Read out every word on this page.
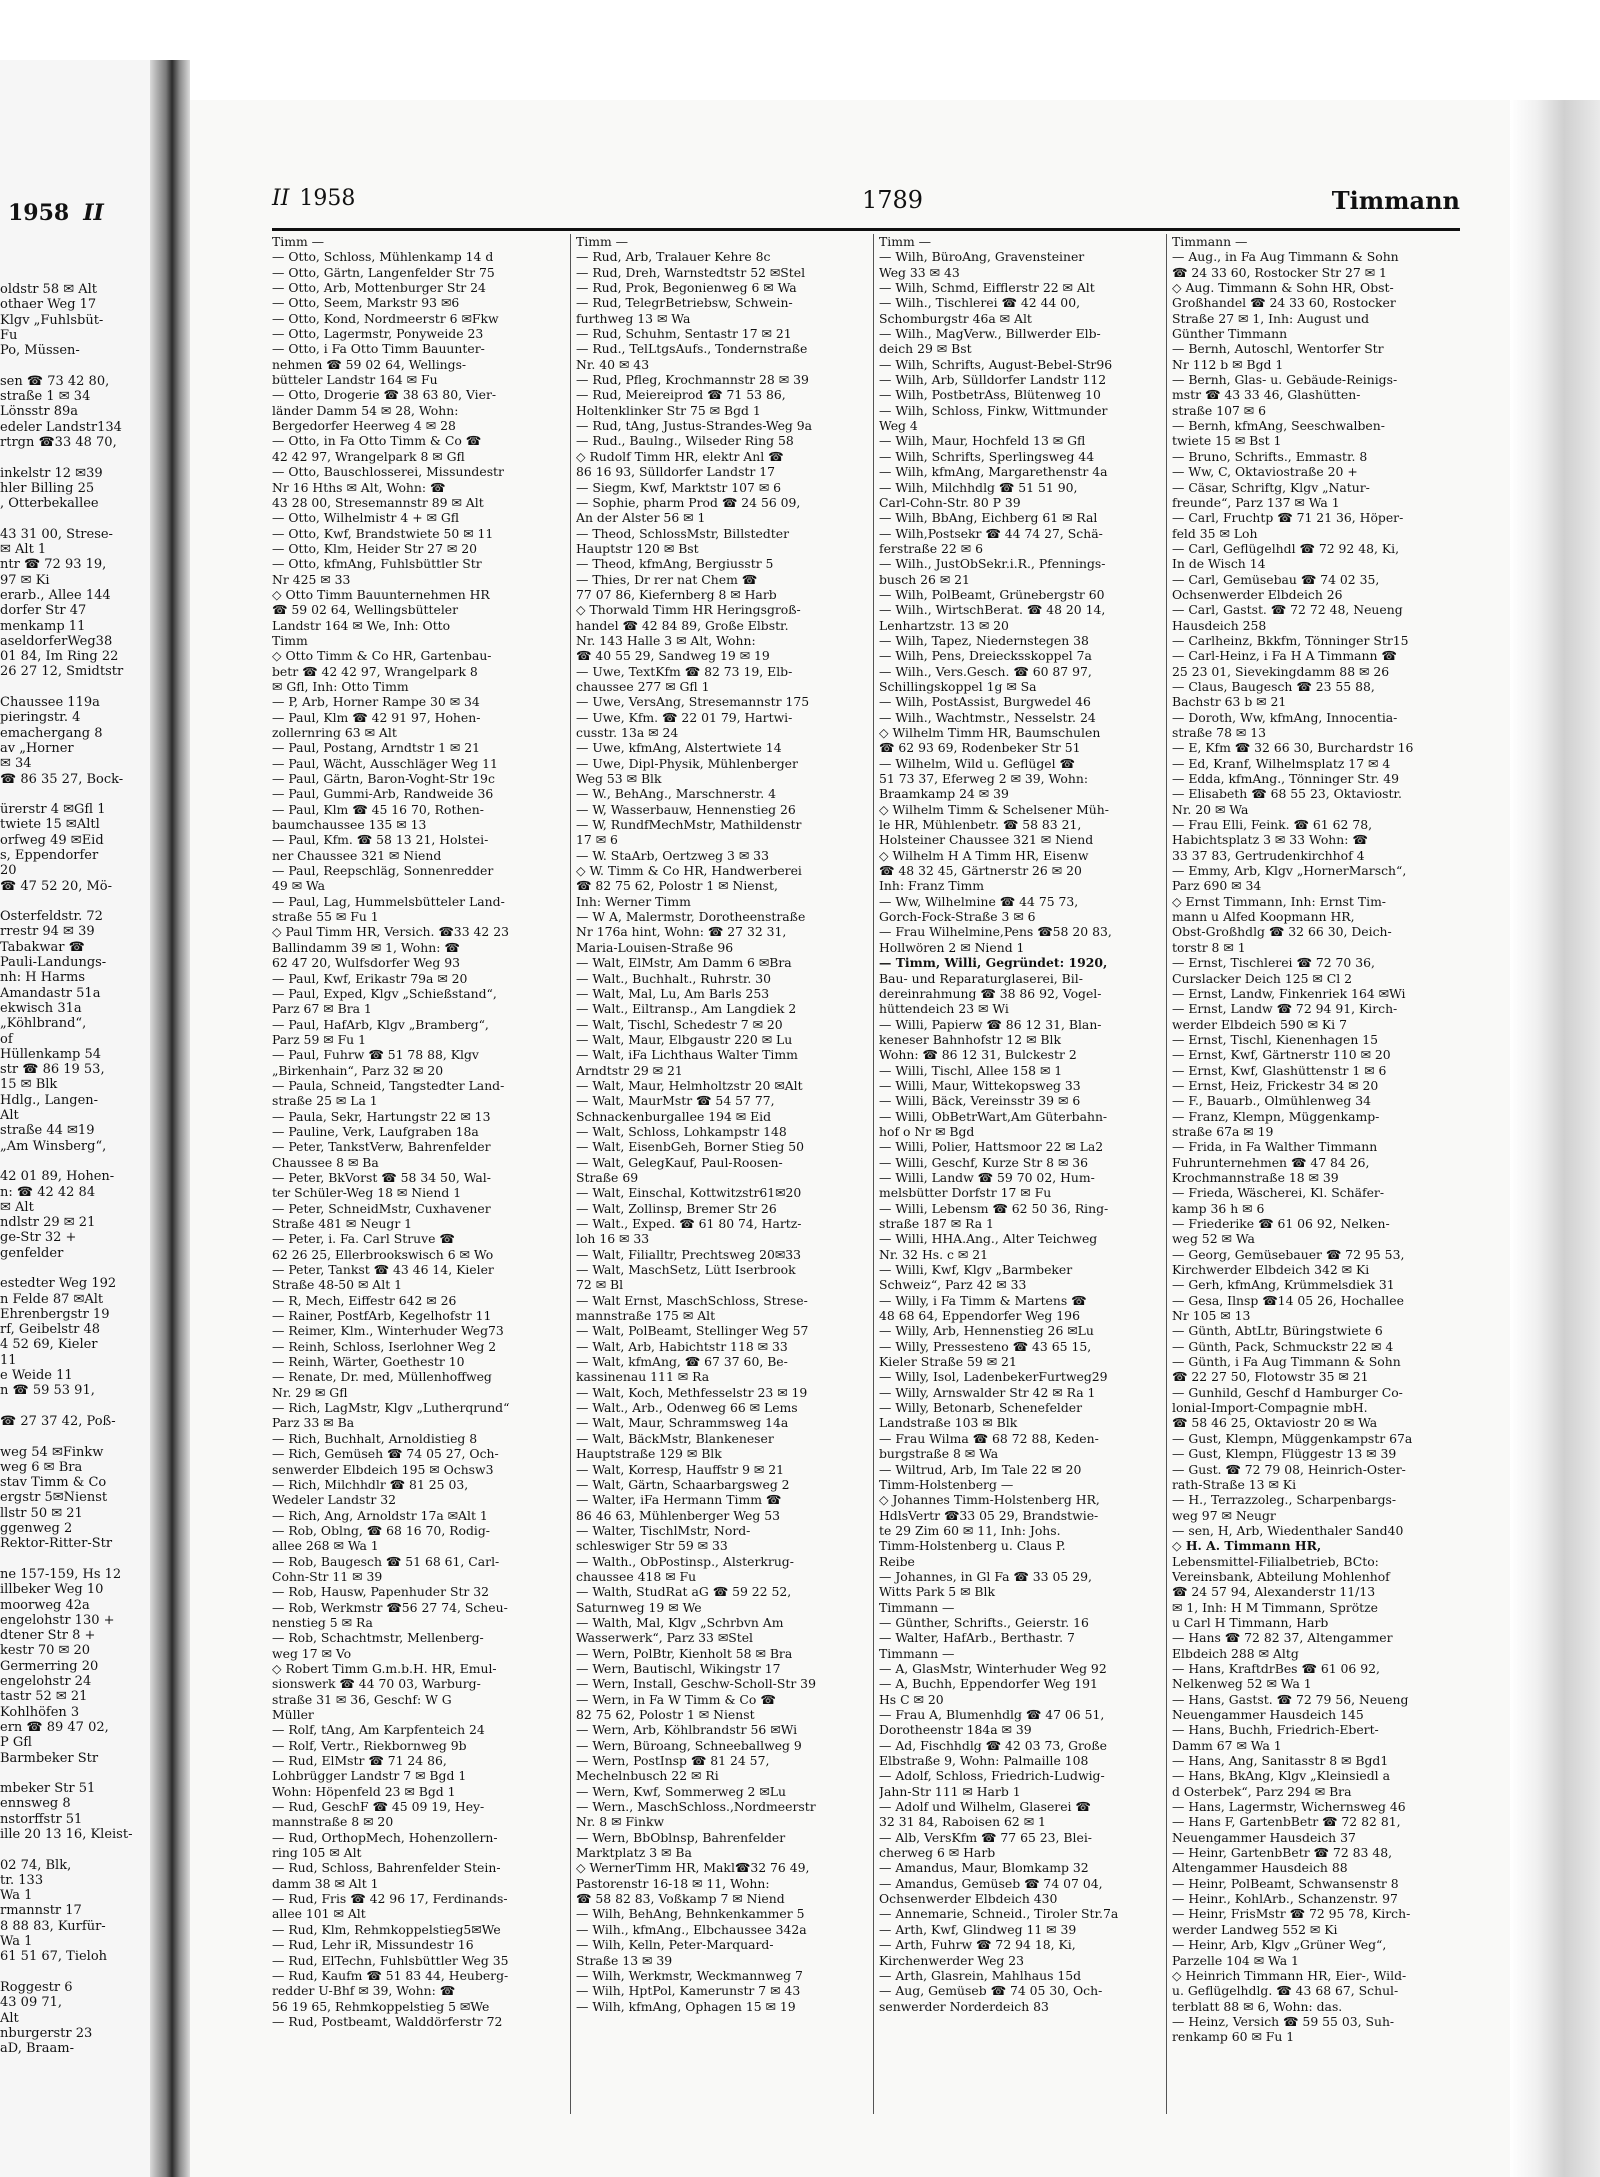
1958 II
oldstr 58 ✉ Alt
othaer Weg 17
Klgv „Fuhlsbüt-
Fu
Po, Müssen-

sen ☎ 73 42 80,
straße 1 ✉ 34
Lönsstr 89a
edeler Landstr134
rtrgn ☎33 48 70,

inkelstr 12 ✉39
hler Billing 25
, Otterbekallee

43 31 00, Strese-
✉ Alt 1
ntr ☎ 72 93 19,
97 ✉ Ki
erarb., Allee 144
dorfer Str 47
menkamp 11
aseldorferWeg38
01 84, Im Ring 22
26 27 12, Smidtstr

Chaussee 119a
pieringstr. 4
emachergang 8
av „Horner
✉ 34
☎ 86 35 27, Bock-

ürerstr 4 ✉Gfl 1
twiete 15 ✉Altl
orfweg 49 ✉Eid
s, Eppendorfer
20
☎ 47 52 20, Mö-

Osterfeldstr. 72
rrestr 94 ✉ 39
Tabakwar ☎
Pauli-Landungs-
nh: H Harms
Amandastr 51a
ekwisch 31a
„Köhlbrand“,
of
Hüllenkamp 54
str ☎ 86 19 53,
15 ✉ Blk
Hdlg., Langen-
Alt
straße 44 ✉19
„Am Winsberg“,

42 01 89, Hohen-
n: ☎ 42 42 84
✉ Alt
ndlstr 29 ✉ 21
ge-Str 32 +
genfelder

estedter Weg 192
n Felde 87 ✉Alt
Ehrenbergstr 19
rf, Geibelstr 48
4 52 69, Kieler
11
e Weide 11
n ☎ 59 53 91,

☎ 27 37 42, Poß-

weg 54 ✉Finkw
weg 6 ✉ Bra
stav Timm & Co
ergstr 5✉Nienst
llstr 50 ✉ 21
ggenweg 2
Rektor-Ritter-Str

ne 157-159, Hs 12
illbeker Weg 10
moorweg 42a
engelohstr 130 +
dtener Str 8 +
kestr 70 ✉ 20
Germerring 20
engelohstr 24
tastr 52 ✉ 21
Kohlhöfen 3
ern ☎ 89 47 02,
P Gfl
Barmbeker Str

mbeker Str 51
ennsweg 8
nstorffstr 51
ille 20 13 16, Kleist-

02 74, Blk,
tr. 133
Wa 1
rmannstr 17
8 88 83, Kurfür-
Wa 1
61 51 67, Tieloh

Roggestr 6
43 09 71,
Alt
nburgerstr 23
aD, Braam-
II 1958	1789	Timmann
Timm —
— Otto, Schloss, Mühlenkamp 14 d
— Otto, Gärtn, Langenfelder Str 75
— Otto, Arb, Mottenburger Str 24
— Otto, Seem, Markstr 93 ✉6
— Otto, Kond, Nordmeerstr 6 ✉Fkw
— Otto, Lagermstr, Ponyweide 23
— Otto, i Fa Otto Timm Bauunter-
nehmen ☎ 59 02 64, Wellings-
bütteler Landstr 164 ✉ Fu
— Otto, Drogerie ☎ 38 63 80, Vier-
länder Damm 54 ✉ 28, Wohn:
Bergedorfer Heerweg 4 ✉ 28
— Otto, in Fa Otto Timm & Co ☎
42 42 97, Wrangelpark 8 ✉ Gfl
— Otto, Bauschlosserei, Missundestr
Nr 16 Hths ✉ Alt, Wohn: ☎
43 28 00, Stresemannstr 89 ✉ Alt
— Otto, Wilhelmistr 4 + ✉ Gfl
— Otto, Kwf, Brandstwiete 50 ✉ 11
— Otto, Klm, Heider Str 27 ✉ 20
— Otto, kfmAng, Fuhlsbüttler Str
Nr 425 ✉ 33
◇ Otto Timm Bauunternehmen HR
☎ 59 02 64, Wellingsbütteler
Landstr 164 ✉ We, Inh: Otto
Timm
◇ Otto Timm & Co HR, Gartenbau-
betr ☎ 42 42 97, Wrangelpark 8
✉ Gfl, Inh: Otto Timm
— P, Arb, Horner Rampe 30 ✉ 34
— Paul, Klm ☎ 42 91 97, Hohen-
zollernring 63 ✉ Alt
— Paul, Postang, Arndtstr 1 ✉ 21
— Paul, Wächt, Ausschläger Weg 11
— Paul, Gärtn, Baron-Voght-Str 19c
— Paul, Gummi-Arb, Randweide 36
— Paul, Klm ☎ 45 16 70, Rothen-
baumchaussee 135 ✉ 13
— Paul, Kfm. ☎ 58 13 21, Holstei-
ner Chaussee 321 ✉ Niend
— Paul, Reepschläg, Sonnenredder
49 ✉ Wa
— Paul, Lag, Hummelsbütteler Land-
straße 55 ✉ Fu 1
◇ Paul Timm HR, Versich. ☎33 42 23
Ballindamm 39 ✉ 1, Wohn: ☎
62 47 20, Wulfsdorfer Weg 93
— Paul, Kwf, Erikastr 79a ✉ 20
— Paul, Exped, Klgv „Schießstand“,
Parz 67 ✉ Bra 1
— Paul, HafArb, Klgv „Bramberg“,
Parz 59 ✉ Fu 1
— Paul, Fuhrw ☎ 51 78 88, Klgv
„Birkenhain“, Parz 32 ✉ 20
— Paula, Schneid, Tangstedter Land-
straße 25 ✉ La 1
— Paula, Sekr, Hartungstr 22 ✉ 13
— Pauline, Verk, Laufgraben 18a
— Peter, TankstVerw, Bahrenfelder
Chaussee 8 ✉ Ba
— Peter, BkVorst ☎ 58 34 50, Wal-
ter Schüler-Weg 18 ✉ Niend 1
— Peter, SchneidMstr, Cuxhavener
Straße 481 ✉ Neugr 1
— Peter, i. Fa. Carl Struve ☎
62 26 25, Ellerbrookswisch 6 ✉ Wo
— Peter, Tankst ☎ 43 46 14, Kieler
Straße 48-50 ✉ Alt 1
— R, Mech, Eiffestr 642 ✉ 26
— Rainer, PostfArb, Kegelhofstr 11
— Reimer, Klm., Winterhuder Weg73
— Reinh, Schloss, Iserlohner Weg 2
— Reinh, Wärter, Goethestr 10
— Renate, Dr. med, Müllenhoffweg
Nr. 29 ✉ Gfl
— Rich, LagMstr, Klgv „Lutherqrund“
Parz 33 ✉ Ba
— Rich, Buchhalt, Arnoldistieg 8
— Rich, Gemüseh ☎ 74 05 27, Och-
senwerder Elbdeich 195 ✉ Ochsw3
— Rich, Milchhdlr ☎ 81 25 03,
Wedeler Landstr 32
— Rich, Ang, Arnoldstr 17a ✉Alt 1
— Rob, Oblng, ☎ 68 16 70, Rodig-
allee 268 ✉ Wa 1
— Rob, Baugesch ☎ 51 68 61, Carl-
Cohn-Str 11 ✉ 39
— Rob, Hausw, Papenhuder Str 32
— Rob, Werkmstr ☎56 27 74, Scheu-
nenstieg 5 ✉ Ra
— Rob, Schachtmstr, Mellenberg-
weg 17 ✉ Vo
◇ Robert Timm G.m.b.H. HR, Emul-
sionswerk ☎ 44 70 03, Warburg-
straße 31 ✉ 36, Geschf: W G
Müller
— Rolf, tAng, Am Karpfenteich 24
— Rolf, Vertr., Riekbornweg 9b
— Rud, ElMstr ☎ 71 24 86,
Lohbrügger Landstr 7 ✉ Bgd 1
Wohn: Höpenfeld 23 ✉ Bgd 1
— Rud, GeschF ☎ 45 09 19, Hey-
mannstraße 8 ✉ 20
— Rud, OrthopMech, Hohenzollern-
ring 105 ✉ Alt
— Rud, Schloss, Bahrenfelder Stein-
damm 38 ✉ Alt 1
— Rud, Fris ☎ 42 96 17, Ferdinands-
allee 101 ✉ Alt
— Rud, Klm, Rehmkoppelstieg5✉We
— Rud, Lehr iR, Missundestr 16
— Rud, ElTechn, Fuhlsbüttler Weg 35
— Rud, Kaufm ☎ 51 83 44, Heuberg-
redder U-Bhf ✉ 39, Wohn: ☎
56 19 65, Rehmkoppelstieg 5 ✉We
— Rud, Postbeamt, Walddörferstr 72
Timm —
— Rud, Arb, Tralauer Kehre 8c
— Rud, Dreh, Warnstedtstr 52 ✉Stel
— Rud, Prok, Begonienweg 6 ✉ Wa
— Rud, TelegrBetriebsw, Schwein-
furthweg 13 ✉ Wa
— Rud, Schuhm, Sentastr 17 ✉ 21
— Rud., TelLtgsAufs., Tondernstraße
Nr. 40 ✉ 43
— Rud, Pfleg, Krochmannstr 28 ✉ 39
— Rud, Meiereiprod ☎ 71 53 86,
Holtenklinker Str 75 ✉ Bgd 1
— Rud, tAng, Justus-Strandes-Weg 9a
— Rud., Baulng., Wilseder Ring 58
◇ Rudolf Timm HR, elektr Anl ☎
86 16 93, Sülldorfer Landstr 17
— Siegm, Kwf, Marktstr 107 ✉ 6
— Sophie, pharm Prod ☎ 24 56 09,
An der Alster 56 ✉ 1
— Theod, SchlossMstr, Billstedter
Hauptstr 120 ✉ Bst
— Theod, kfmAng, Bergiusstr 5
— Thies, Dr rer nat Chem ☎
77 07 86, Kiefernberg 8 ✉ Harb
◇ Thorwald Timm HR Heringsgroß-
handel ☎ 42 84 89, Große Elbstr.
Nr. 143 Halle 3 ✉ Alt, Wohn:
☎ 40 55 29, Sandweg 19 ✉ 19
— Uwe, TextKfm ☎ 82 73 19, Elb-
chaussee 277 ✉ Gfl 1
— Uwe, VersAng, Stresemannstr 175
— Uwe, Kfm. ☎ 22 01 79, Hartwi-
cusstr. 13a ✉ 24
— Uwe, kfmAng, Alstertwiete 14
— Uwe, Dipl-Physik, Mühlenberger
Weg 53 ✉ Blk
— W., BehAng., Marschnerstr. 4
— W, Wasserbauw, Hennenstieg 26
— W, RundfMechMstr, Mathildenstr
17 ✉ 6
— W. StaArb, Oertzweg 3 ✉ 33
◇ W. Timm & Co HR, Handwerberei
☎ 82 75 62, Polostr 1 ✉ Nienst,
Inh: Werner Timm
— W A, Malermstr, Dorotheenstraße
Nr 176a hint, Wohn: ☎ 27 32 31,
Maria-Louisen-Straße 96
— Walt, ElMstr, Am Damm 6 ✉Bra
— Walt., Buchhalt., Ruhrstr. 30
— Walt, Mal, Lu, Am Barls 253
— Walt., Eiltransp., Am Langdiek 2
— Walt, Tischl, Schedestr 7 ✉ 20
— Walt, Maur, Elbgaustr 220 ✉ Lu
— Walt, iFa Lichthaus Walter Timm
Arndtstr 29 ✉ 21
— Walt, Maur, Helmholtzstr 20 ✉Alt
— Walt, MaurMstr ☎ 54 57 77,
Schnackenburgallee 194 ✉ Eid
— Walt, Schloss, Lohkampstr 148
— Walt, EisenbGeh, Borner Stieg 50
— Walt, GelegKauf, Paul-Roosen-
Straße 69
— Walt, Einschal, Kottwitzstr61✉20
— Walt, Zollinsp, Bremer Str 26
— Walt., Exped. ☎ 61 80 74, Hartz-
loh 16 ✉ 33
— Walt, Filialltr, Prechtsweg 20✉33
— Walt, MaschSetz, Lütt Iserbrook
72 ✉ Bl
— Walt Ernst, MaschSchloss, Strese-
mannstraße 175 ✉ Alt
— Walt, PolBeamt, Stellinger Weg 57
— Walt, Arb, Habichtstr 118 ✉ 33
— Walt, kfmAng, ☎ 67 37 60, Be-
kassinenau 111 ✉ Ra
— Walt, Koch, Methfesselstr 23 ✉ 19
— Walt., Arb., Odenweg 66 ✉ Lems
— Walt, Maur, Schrammsweg 14a
— Walt, BäckMstr, Blankeneser
Hauptstraße 129 ✉ Blk
— Walt, Korresp, Hauffstr 9 ✉ 21
— Walt, Gärtn, Schaarbargsweg 2
— Walter, iFa Hermann Timm ☎
86 46 63, Mühlenberger Weg 53
— Walter, TischlMstr, Nord-
schleswiger Str 59 ✉ 33
— Walth., ObPostinsp., Alsterkrug-
chaussee 418 ✉ Fu
— Walth, StudRat aG ☎ 59 22 52,
Saturnweg 19 ✉ We
— Walth, Mal, Klgv „Schrbvn Am
Wasserwerk“, Parz 33 ✉Stel
— Wern, PolBtr, Kienholt 58 ✉ Bra
— Wern, Bautischl, Wikingstr 17
— Wern, Install, Geschw-Scholl-Str 39
— Wern, in Fa W Timm & Co ☎
82 75 62, Polostr 1 ✉ Nienst
— Wern, Arb, Köhlbrandstr 56 ✉Wi
— Wern, Büroang, Schneeballweg 9
— Wern, PostInsp ☎ 81 24 57,
Mechelnbusch 22 ✉ Ri
— Wern, Kwf, Sommerweg 2 ✉Lu
— Wern., MaschSchloss.,Nordmeerstr
Nr. 8 ✉ Finkw
— Wern, BbOblnsp, Bahrenfelder
Marktplatz 3 ✉ Ba
◇ WernerTimm HR, Makl☎32 76 49,
Pastorenstr 16-18 ✉ 11, Wohn:
☎ 58 82 83, Voßkamp 7 ✉ Niend
— Wilh, BehAng, Behnkenkammer 5
— Wilh., kfmAng., Elbchaussee 342a
— Wilh, Kelln, Peter-Marquard-
Straße 13 ✉ 39
— Wilh, Werkmstr, Weckmannweg 7
— Wilh, HptPol, Kamerunstr 7 ✉ 43
— Wilh, kfmAng, Ophagen 15 ✉ 19
Timm —
— Wilh, BüroAng, Gravensteiner
Weg 33 ✉ 43
— Wilh, Schmd, Eifflerstr 22 ✉ Alt
— Wilh., Tischlerei ☎ 42 44 00,
Schomburgstr 46a ✉ Alt
— Wilh., MagVerw., Billwerder Elb-
deich 29 ✉ Bst
— Wilh, Schrifts, August-Bebel-Str96
— Wilh, Arb, Sülldorfer Landstr 112
— Wilh, PostbetrAss, Blütenweg 10
— Wilh, Schloss, Finkw, Wittmunder
Weg 4
— Wilh, Maur, Hochfeld 13 ✉ Gfl
— Wilh, Schrifts, Sperlingsweg 44
— Wilh, kfmAng, Margarethenstr 4a
— Wilh, Milchhdlg ☎ 51 51 90,
Carl-Cohn-Str. 80 P 39
— Wilh, BbAng, Eichberg 61 ✉ Ral
— Wilh,Postsekr ☎ 44 74 27, Schä-
ferstraße 22 ✉ 6
— Wilh., JustObSekr.i.R., Pfennings-
busch 26 ✉ 21
— Wilh, PolBeamt, Grünebergstr 60
— Wilh., WirtschBerat. ☎ 48 20 14,
Lenhartzstr. 13 ✉ 20
— Wilh, Tapez, Niedernstegen 38
— Wilh, Pens, Dreiecksskoppel 7a
— Wilh., Vers.Gesch. ☎ 60 87 97,
Schillingskoppel 1g ✉ Sa
— Wilh, PostAssist, Burgwedel 46
— Wilh., Wachtmstr., Nesselstr. 24
◇ Wilhelm Timm HR, Baumschulen
☎ 62 93 69, Rodenbeker Str 51
— Wilhelm, Wild u. Geflügel ☎
51 73 37, Eferweg 2 ✉ 39, Wohn:
Braamkamp 24 ✉ 39
◇ Wilhelm Timm & Schelsener Müh-
le HR, Mühlenbetr. ☎ 58 83 21,
Holsteiner Chaussee 321 ✉ Niend
◇ Wilhelm H A Timm HR, Eisenw
☎ 48 32 45, Gärtnerstr 26 ✉ 20
Inh: Franz Timm
— Ww, Wilhelmine ☎ 44 75 73,
Gorch-Fock-Straße 3 ✉ 6
— Frau Wilhelmine,Pens ☎58 20 83,
Hollwören 2 ✉ Niend 1
— Timm, Willi, Gegründet: 1920,
Bau- und Reparaturglaserei, Bil-
dereinrahmung ☎ 38 86 92, Vogel-
hüttendeich 23 ✉ Wi
— Willi, Papierw ☎ 86 12 31, Blan-
keneser Bahnhofstr 12 ✉ Blk
Wohn: ☎ 86 12 31, Bulckestr 2
— Willi, Tischl, Allee 158 ✉ 1
— Willi, Maur, Wittekopsweg 33
— Willi, Bäck, Vereinsstr 39 ✉ 6
— Willi, ObBetrWart,Am Güterbahn-
hof o Nr ✉ Bgd
— Willi, Polier, Hattsmoor 22 ✉ La2
— Willi, Geschf, Kurze Str 8 ✉ 36
— Willi, Landw ☎ 59 70 02, Hum-
melsbütter Dorfstr 17 ✉ Fu
— Willi, Lebensm ☎ 62 50 36, Ring-
straße 187 ✉ Ra 1
— Willi, HHA.Ang., Alter Teichweg
Nr. 32 Hs. c ✉ 21
— Willi, Kwf, Klgv „Barmbeker
Schweiz“, Parz 42 ✉ 33
— Willy, i Fa Timm & Martens ☎
48 68 64, Eppendorfer Weg 196
— Willy, Arb, Hennenstieg 26 ✉Lu
— Willy, Pressesteno ☎ 43 65 15,
Kieler Straße 59 ✉ 21
— Willy, Isol, LadenbekerFurtweg29
— Willy, Arnswalder Str 42 ✉ Ra 1
— Willy, Betonarb, Schenefelder
Landstraße 103 ✉ Blk
— Frau Wilma ☎ 68 72 88, Keden-
burgstraße 8 ✉ Wa
— Wiltrud, Arb, Im Tale 22 ✉ 20
Timm-Holstenberg —
◇ Johannes Timm-Holstenberg HR,
HdlsVertr ☎33 05 29, Brandstwie-
te 29 Zim 60 ✉ 11, Inh: Johs.
Timm-Holstenberg u. Claus P.
Reibe
— Johannes, in Gl Fa ☎ 33 05 29,
Witts Park 5 ✉ Blk
Timmann —
— Günther, Schrifts., Geierstr. 16
— Walter, HafArb., Berthastr. 7
Timmann —
— A, GlasMstr, Winterhuder Weg 92
— A, Buchh, Eppendorfer Weg 191
Hs C ✉ 20
— Frau A, Blumenhdlg ☎ 47 06 51,
Dorotheenstr 184a ✉ 39
— Ad, Fischhdlg ☎ 42 03 73, Große
Elbstraße 9, Wohn: Palmaille 108
— Adolf, Schloss, Friedrich-Ludwig-
Jahn-Str 111 ✉ Harb 1
— Adolf und Wilhelm, Glaserei ☎
32 31 84, Raboisen 62 ✉ 1
— Alb, VersKfm ☎ 77 65 23, Blei-
cherweg 6 ✉ Harb
— Amandus, Maur, Blomkamp 32
— Amandus, Gemüseb ☎ 74 07 04,
Ochsenwerder Elbdeich 430
— Annemarie, Schneid., Tiroler Str.7a
— Arth, Kwf, Glindweg 11 ✉ 39
— Arth, Fuhrw ☎ 72 94 18, Ki,
Kirchenwerder Weg 23
— Arth, Glasrein, Mahlhaus 15d
— Aug, Gemüseb ☎ 74 05 30, Och-
senwerder Norderdeich 83
Timmann —
— Aug., in Fa Aug Timmann & Sohn
☎ 24 33 60, Rostocker Str 27 ✉ 1
◇ Aug. Timmann & Sohn HR, Obst-
Großhandel ☎ 24 33 60, Rostocker
Straße 27 ✉ 1, Inh: August und
Günther Timmann
— Bernh, Autoschl, Wentorfer Str
Nr 112 b ✉ Bgd 1
— Bernh, Glas- u. Gebäude-Reinigs-
mstr ☎ 43 33 46, Glashütten-
straße 107 ✉ 6
— Bernh, kfmAng, Seeschwalben-
twiete 15 ✉ Bst 1
— Bruno, Schrifts., Emmastr. 8
— Ww, C, Oktaviostraße 20 +
— Cäsar, Schriftg, Klgv „Natur-
freunde“, Parz 137 ✉ Wa 1
— Carl, Fruchtp ☎ 71 21 36, Höper-
feld 35 ✉ Loh
— Carl, Geflügelhdl ☎ 72 92 48, Ki,
In de Wisch 14
— Carl, Gemüsebau ☎ 74 02 35,
Ochsenwerder Elbdeich 26
— Carl, Gastst. ☎ 72 72 48, Neueng
Hausdeich 258
— Carlheinz, Bkkfm, Tönninger Str15
— Carl-Heinz, i Fa H A Timmann ☎
25 23 01, Sievekingdamm 88 ✉ 26
— Claus, Baugesch ☎ 23 55 88,
Bachstr 63 b ✉ 21
— Doroth, Ww, kfmAng, Innocentia-
straße 78 ✉ 13
— E, Kfm ☎ 32 66 30, Burchardstr 16
— Ed, Kranf, Wilhelmsplatz 17 ✉ 4
— Edda, kfmAng., Tönninger Str. 49
— Elisabeth ☎ 68 55 23, Oktaviostr.
Nr. 20 ✉ Wa
— Frau Elli, Feink. ☎ 61 62 78,
Habichtsplatz 3 ✉ 33 Wohn: ☎
33 37 83, Gertrudenkirchhof 4
— Emmy, Arb, Klgv „HornerMarsch“,
Parz 690 ✉ 34
◇ Ernst Timmann, Inh: Ernst Tim-
mann u Alfed Koopmann HR,
Obst-Großhdlg ☎ 32 66 30, Deich-
torstr 8 ✉ 1
— Ernst, Tischlerei ☎ 72 70 36,
Curslacker Deich 125 ✉ Cl 2
— Ernst, Landw, Finkenriek 164 ✉Wi
— Ernst, Landw ☎ 72 94 91, Kirch-
werder Elbdeich 590 ✉ Ki 7
— Ernst, Tischl, Kienenhagen 15
— Ernst, Kwf, Gärtnerstr 110 ✉ 20
— Ernst, Kwf, Glashüttenstr 1 ✉ 6
— Ernst, Heiz, Frickestr 34 ✉ 20
— F., Bauarb., Olmühlenweg 34
— Franz, Klempn, Müggenkamp-
straße 67a ✉ 19
— Frida, in Fa Walther Timmann
Fuhrunternehmen ☎ 47 84 26,
Krochmannstraße 18 ✉ 39
— Frieda, Wäscherei, Kl. Schäfer-
kamp 36 h ✉ 6
— Friederike ☎ 61 06 92, Nelken-
weg 52 ✉ Wa
— Georg, Gemüsebauer ☎ 72 95 53,
Kirchwerder Elbdeich 342 ✉ Ki
— Gerh, kfmAng, Krümmelsdiek 31
— Gesa, Ilnsp ☎14 05 26, Hochallee
Nr 105 ✉ 13
— Günth, AbtLtr, Büringstwiete 6
— Günth, Pack, Schmuckstr 22 ✉ 4
— Günth, i Fa Aug Timmann & Sohn
☎ 22 27 50, Flotowstr 35 ✉ 21
— Gunhild, Geschf d Hamburger Co-
lonial-Import-Compagnie mbH.
☎ 58 46 25, Oktaviostr 20 ✉ Wa
— Gust, Klempn, Müggenkampstr 67a
— Gust, Klempn, Flüggestr 13 ✉ 39
— Gust. ☎ 72 79 08, Heinrich-Oster-
rath-Straße 13 ✉ Ki
— H., Terrazzoleg., Scharpenbargs-
weg 97 ✉ Neugr
— sen, H, Arb, Wiedenthaler Sand40
◇ H. A. Timmann HR,
Lebensmittel-Filialbetrieb, BCto:
Vereinsbank, Abteilung Mohlenhof
☎ 24 57 94, Alexanderstr 11/13
✉ 1, Inh: H M Timmann, Sprötze
u Carl H Timmann, Harb
— Hans ☎ 72 82 37, Altengammer
Elbdeich 288 ✉ Altg
— Hans, KraftdrBes ☎ 61 06 92,
Nelkenweg 52 ✉ Wa 1
— Hans, Gastst. ☎ 72 79 56, Neueng
Neuengammer Hausdeich 145
— Hans, Buchh, Friedrich-Ebert-
Damm 67 ✉ Wa 1
— Hans, Ang, Sanitasstr 8 ✉ Bgd1
— Hans, BkAng, Klgv „Kleinsiedl a
d Osterbek“, Parz 294 ✉ Bra
— Hans, Lagermstr, Wichernsweg 46
— Hans F, GartenbBetr ☎ 72 82 81,
Neuengammer Hausdeich 37
— Heinr, GartenbBetr ☎ 72 83 48,
Altengammer Hausdeich 88
— Heinr, PolBeamt, Schwansenstr 8
— Heinr., KohlArb., Schanzenstr. 97
— Heinr, FrisMstr ☎ 72 95 78, Kirch-
werder Landweg 552 ✉ Ki
— Heinr, Arb, Klgv „Grüner Weg“,
Parzelle 104 ✉ Wa 1
◇ Heinrich Timmann HR, Eier-, Wild-
u. Geflügelhdlg. ☎ 43 68 67, Schul-
terblatt 88 ✉ 6, Wohn: das.
— Heinz, Versich ☎ 59 55 03, Suh-
renkamp 60 ✉ Fu 1
